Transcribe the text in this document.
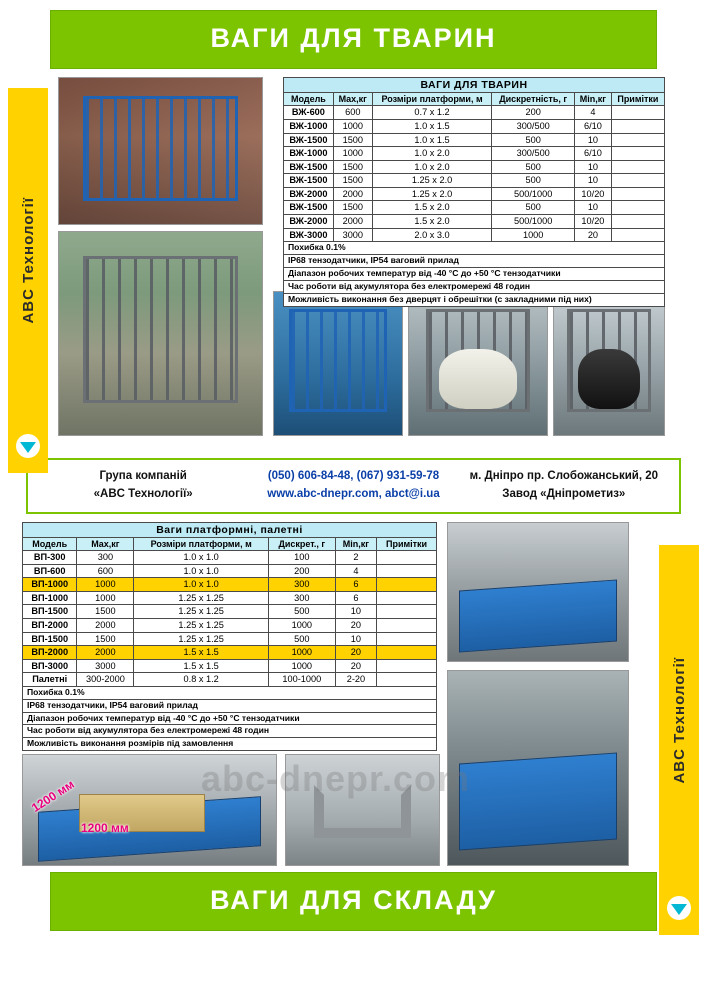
ВАГИ ДЛЯ ТВАРИН
ABC Технології
ABC Технології
ВАГИ ДЛЯ ТВАРИН					
Модель	Max,кг	Розміри платформи, м	Дискретність, г	Min,кг	Примітки
ВЖ-600	600	0.7 x 1.2	200	4	
ВЖ-1000	1000	1.0 x 1.5	300/500	6/10	
ВЖ-1500	1500	1.0 x 1.5	500	10	
ВЖ-1000	1000	1.0 x 2.0	300/500	6/10	
ВЖ-1500	1500	1.0 x 2.0	500	10	
ВЖ-1500	1500	1.25 x 2.0	500	10	
ВЖ-2000	2000	1.25 x 2.0	500/1000	10/20	
ВЖ-1500	1500	1.5 x 2.0	500	10	
ВЖ-2000	2000	1.5 x 2.0	500/1000	10/20	
ВЖ-3000	3000	2.0 x 3.0	1000	20	
Похибка 0.1%					
IP68 тензодатчики, IP54 ваговий прилад					
Діапазон робочих температур від -40 °C до +50 °C тензодатчики					
Час роботи від акумулятора без електромережі 48 годин					
Можливість виконання без дверцят і обрешітки (с закладними під них)					
Група компаній
«ABC Технології»
(050) 606-84-48, (067) 931-59-78
www.abc-dnepr.com, abct@i.ua
м. Дніпро пр. Слобожанський, 20
Завод «Дніпрометиз»
Ваги платформні, палетні					
Модель	Max,кг	Розміри платформи, м	Дискрет., г	Min,кг	Примітки
ВП-300	300	1.0 x 1.0	100	2	
ВП-600	600	1.0 x 1.0	200	4	
ВП-1000	1000	1.0 x 1.0	300	6	
ВП-1000	1000	1.25 x 1.25	300	6	
ВП-1500	1500	1.25 x 1.25	500	10	
ВП-2000	2000	1.25 x 1.25	1000	20	
ВП-1500	1500	1.25 x 1.25	500	10	
ВП-2000	2000	1.5 x 1.5	1000	20	
ВП-3000	3000	1.5 x 1.5	1000	20	
Палетні	300-2000	0.8 x 1.2	100-1000	2-20	
Похибка 0.1%					
IP68 тензодатчики, IP54 ваговий прилад					
Діапазон робочих температур від -40 °C до +50 °C тензодатчики					
Час роботи від акумулятора без електромережі 48 годин					
Можливість виконання розмірів під замовлення					
1200 мм
1200 мм	abc-dnepr.com
ВАГИ ДЛЯ СКЛАДУ
